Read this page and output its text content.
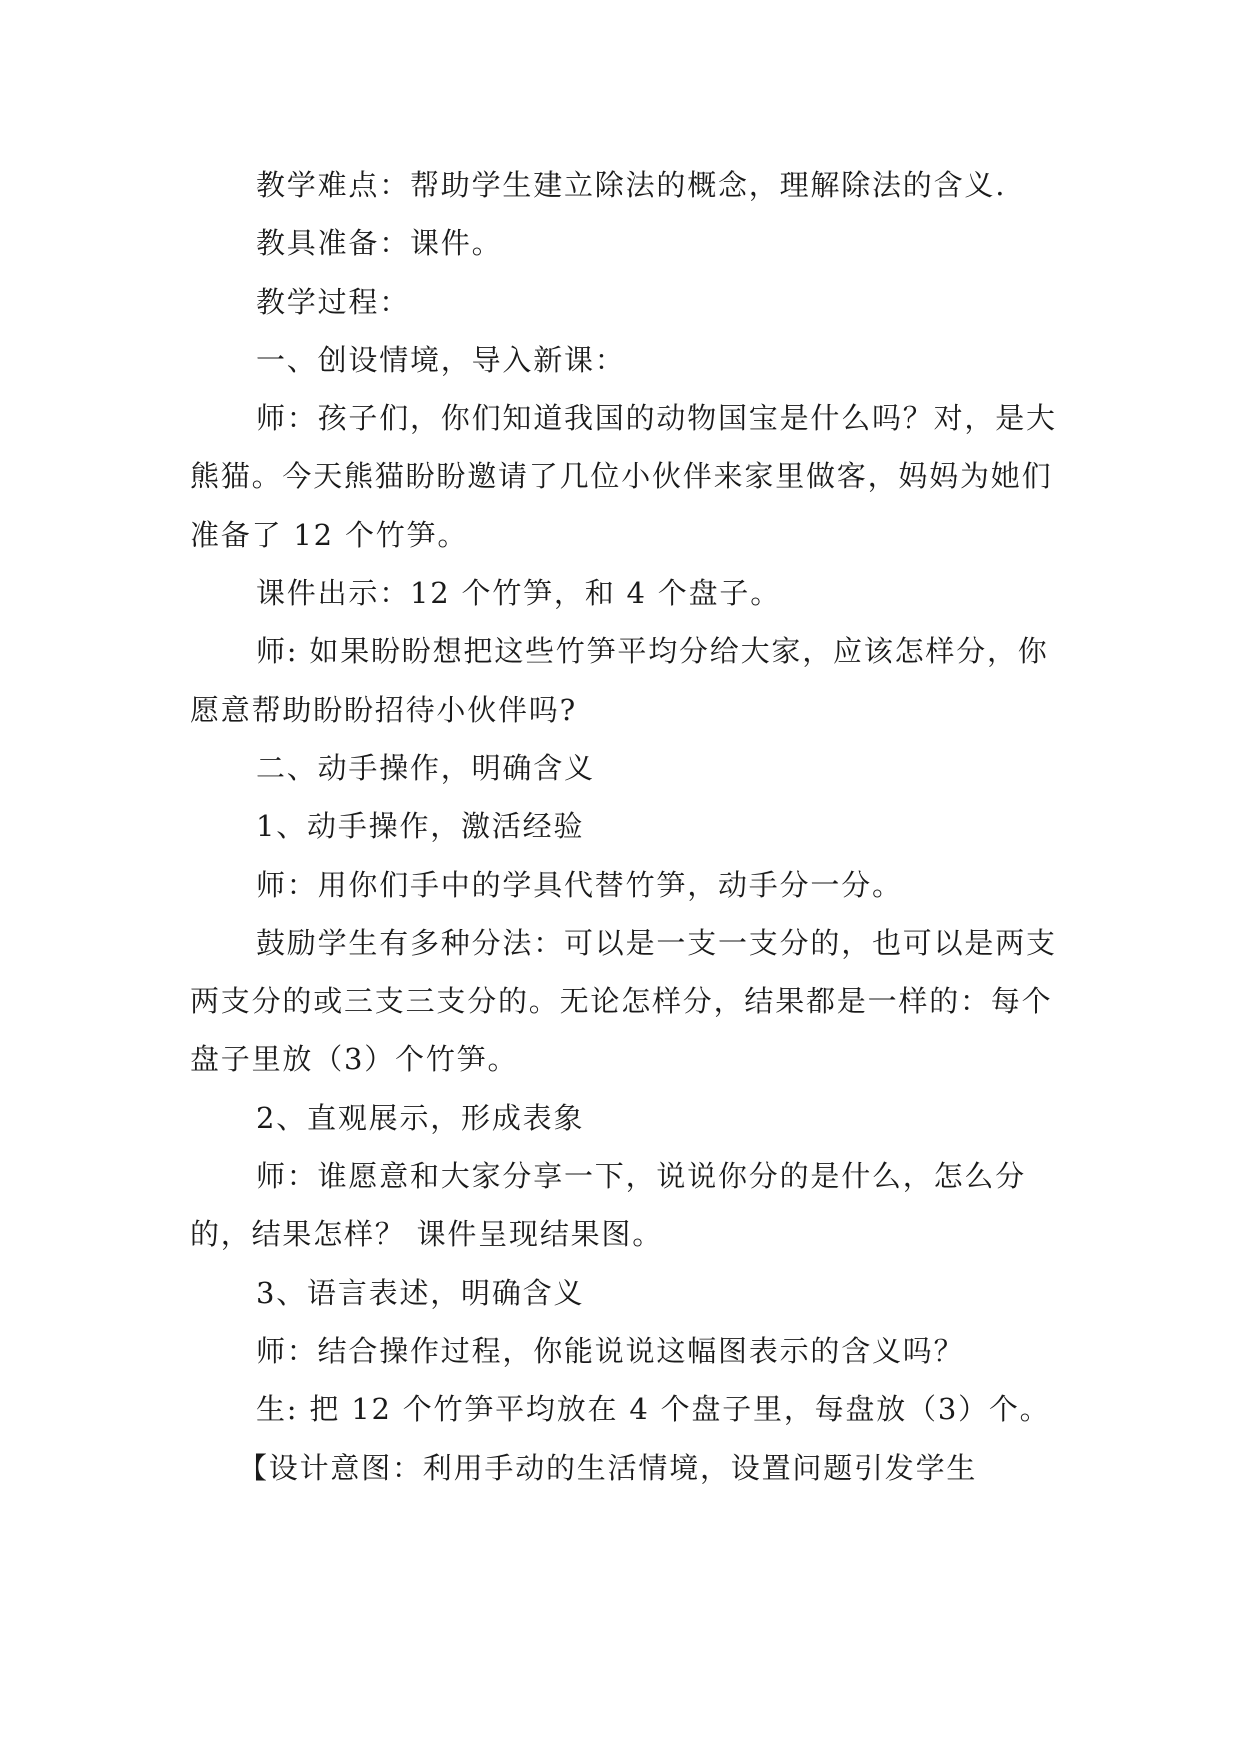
教学难点：帮助学生建立除法的概念，理解除法的含义.

教具准备：课件。

教学过程：

一、创设情境，导入新课：

师：孩子们，你们知道我国的动物国宝是什么吗？对，是大熊猫。今天熊猫盼盼邀请了几位小伙伴来家里做客，妈妈为她们准备了 12 个竹笋。

课件出示：12 个竹笋，和 4 个盘子。

师: 如果盼盼想把这些竹笋平均分给大家，应该怎样分，你愿意帮助盼盼招待小伙伴吗?

二、动手操作，明确含义

1、动手操作，激活经验

师：用你们手中的学具代替竹笋，动手分一分。

鼓励学生有多种分法：可以是一支一支分的，也可以是两支两支分的或三支三支分的。无论怎样分，结果都是一样的：每个盘子里放（3）个竹笋。

2、直观展示，形成表象

师：谁愿意和大家分享一下，说说你分的是什么，怎么分的，结果怎样？ 课件呈现结果图。

3、语言表述，明确含义

师：结合操作过程，你能说说这幅图表示的含义吗？

生: 把 12 个竹笋平均放在 4 个盘子里，每盘放（3）个。

【设计意图：利用手动的生活情境，设置问题引发学生
